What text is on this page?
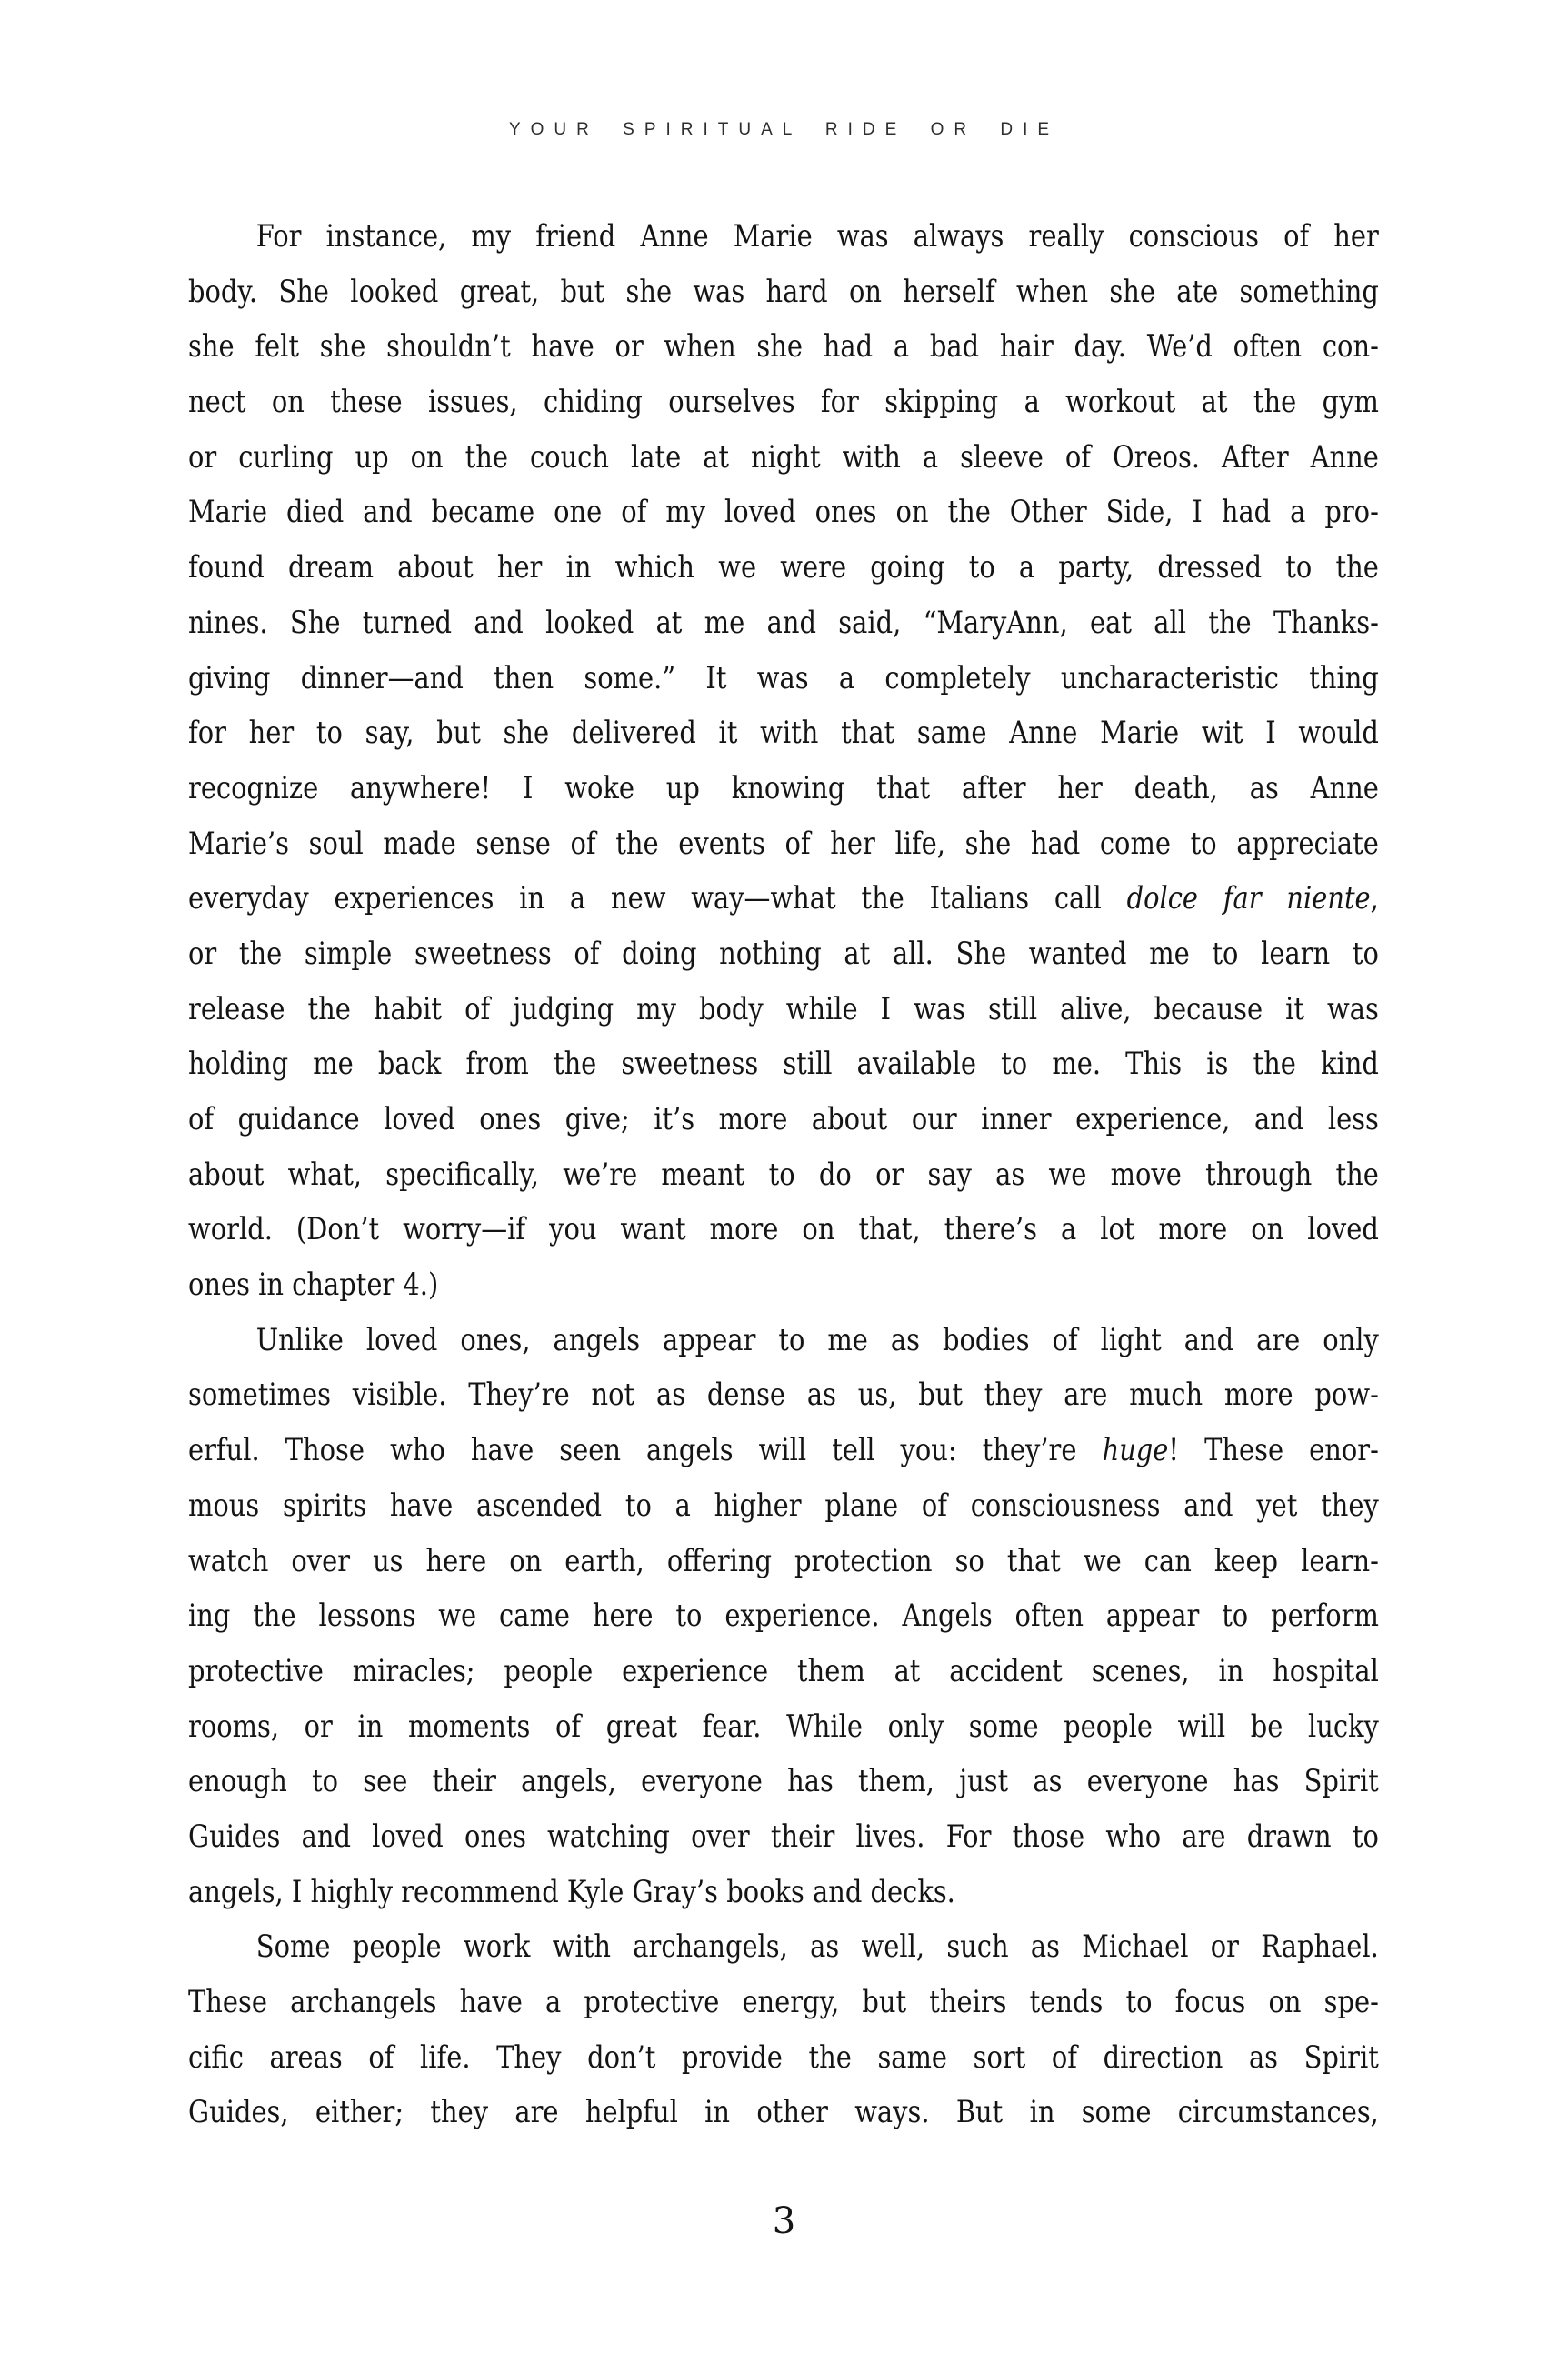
YOUR SPIRITUAL RIDE OR DIE
For instance, my friend Anne Marie was always really conscious of her
body. She looked great, but she was hard on herself when she ate something
she felt she shouldn’t have or when she had a bad hair day. We’d often con-
nect on these issues, chiding ourselves for skipping a workout at the gym
or curling up on the couch late at night with a sleeve of Oreos. After Anne
Marie died and became one of my loved ones on the Other Side, I had a pro-
found dream about her in which we were going to a party, dressed to the
nines. She turned and looked at me and said, “MaryAnn, eat all the Thanks-
giving dinner—and then some.” It was a completely uncharacteristic thing
for her to say, but she delivered it with that same Anne Marie wit I would
recognize anywhere! I woke up knowing that after her death, as Anne
Marie’s soul made sense of the events of her life, she had come to appreciate
everyday experiences in a new way—what the Italians call dolce far niente,
or the simple sweetness of doing nothing at all. She wanted me to learn to
release the habit of judging my body while I was still alive, because it was
holding me back from the sweetness still available to me. This is the kind
of guidance loved ones give; it’s more about our inner experience, and less
about what, specifically, we’re meant to do or say as we move through the
world. (Don’t worry—if you want more on that, there’s a lot more on loved
ones in chapter 4.)
Unlike loved ones, angels appear to me as bodies of light and are only
sometimes visible. They’re not as dense as us, but they are much more pow-
erful. Those who have seen angels will tell you: they’re huge! These enor-
mous spirits have ascended to a higher plane of consciousness and yet they
watch over us here on earth, offering protection so that we can keep learn-
ing the lessons we came here to experience. Angels often appear to perform
protective miracles; people experience them at accident scenes, in hospital
rooms, or in moments of great fear. While only some people will be lucky
enough to see their angels, everyone has them, just as everyone has Spirit
Guides and loved ones watching over their lives. For those who are drawn to
angels, I highly recommend Kyle Gray’s books and decks.
Some people work with archangels, as well, such as Michael or Raphael.
These archangels have a protective energy, but theirs tends to focus on spe-
cific areas of life. They don’t provide the same sort of direction as Spirit
Guides, either; they are helpful in other ways. But in some circumstances,
3
